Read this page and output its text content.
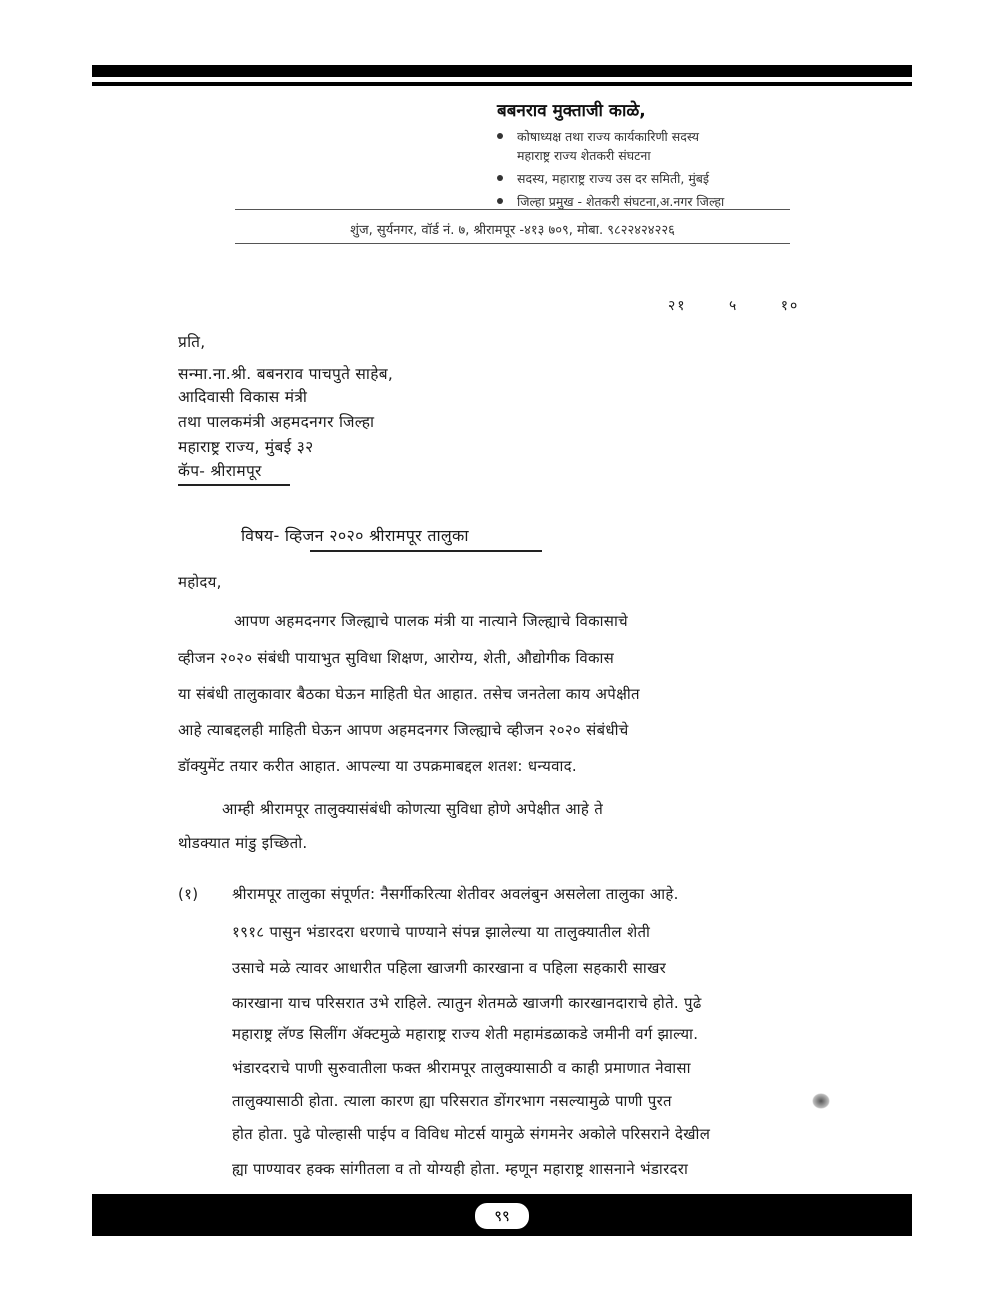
बबनराव मुक्ताजी काळे,
कोषाध्यक्ष तथा राज्य कार्यकारिणी सदस्य
महाराष्ट्र राज्य शेतकरी संघटना
सदस्य, महाराष्ट्र राज्य उस दर समिती, मुंबई
जिल्हा प्रमुख - शेतकरी संघटना,अ.नगर जिल्हा
शुंज, सुर्यनगर, वॉर्ड नं. ७, श्रीरामपूर -४१३ ७०९, मोबा. ९८२२४२४२२६
२१	५	१०
प्रति,
सन्मा.ना.श्री. बबनराव पाचपुते साहेब,
आदिवासी विकास मंत्री
तथा पालकमंत्री अहमदनगर जिल्हा
महाराष्ट्र राज्य, मुंबई ३२
कॅप- श्रीरामपूर
विषय- व्हिजन २०२० श्रीरामपूर तालुका
महोदय,
आपण अहमदनगर जिल्ह्याचे पालक मंत्री या नात्याने जिल्ह्याचे विकासाचे
व्हीजन २०२० संबंधी पायाभुत सुविधा शिक्षण, आरोग्य, शेती, औद्योगीक विकास
या संबंधी तालुकावार बैठका घेऊन माहिती घेत आहात. तसेच जनतेला काय अपेक्षीत
आहे त्याबद्दलही माहिती घेऊन आपण अहमदनगर जिल्ह्याचे व्हीजन २०२० संबंधीचे
डॉक्युमेंट तयार करीत आहात. आपल्या या उपक्रमाबद्दल शतश: धन्यवाद.
आम्ही श्रीरामपूर तालुक्यासंबंधी कोणत्या सुविधा होणे अपेक्षीत आहे ते
थोडक्यात मांडु इच्छितो.
(१) श्रीरामपूर तालुका संपूर्णत: नैसर्गीकरित्या शेतीवर अवलंबुन असलेला तालुका आहे.
१९१८ पासुन भंडारदरा धरणाचे पाण्याने संपन्न झालेल्या या तालुक्यातील शेती
उसाचे मळे त्यावर आधारीत पहिला खाजगी कारखाना व पहिला सहकारी साखर
कारखाना याच परिसरात उभे राहिले. त्यातुन शेतमळे खाजगी कारखानदाराचे होते. पुढे
महाराष्ट्र लॅण्ड सिलींग ॲक्टमुळे महाराष्ट्र राज्य शेती महामंडळाकडे जमीनी वर्ग झाल्या.
भंडारदराचे पाणी सुरुवातीला फक्त श्रीरामपूर तालुक्यासाठी व काही प्रमाणात नेवासा
तालुक्यासाठी होता. त्याला कारण ह्या परिसरात डोंगरभाग नसल्यामुळे पाणी पुरत
होत होता. पुढे पोल्हासी पाईप व विविध मोटर्स यामुळे संगमनेर अकोले परिसराने देखील
ह्या पाण्यावर हक्क सांगीतला व तो योग्यही होता. म्हणून महाराष्ट्र शासनाने भंडारदरा
९९
